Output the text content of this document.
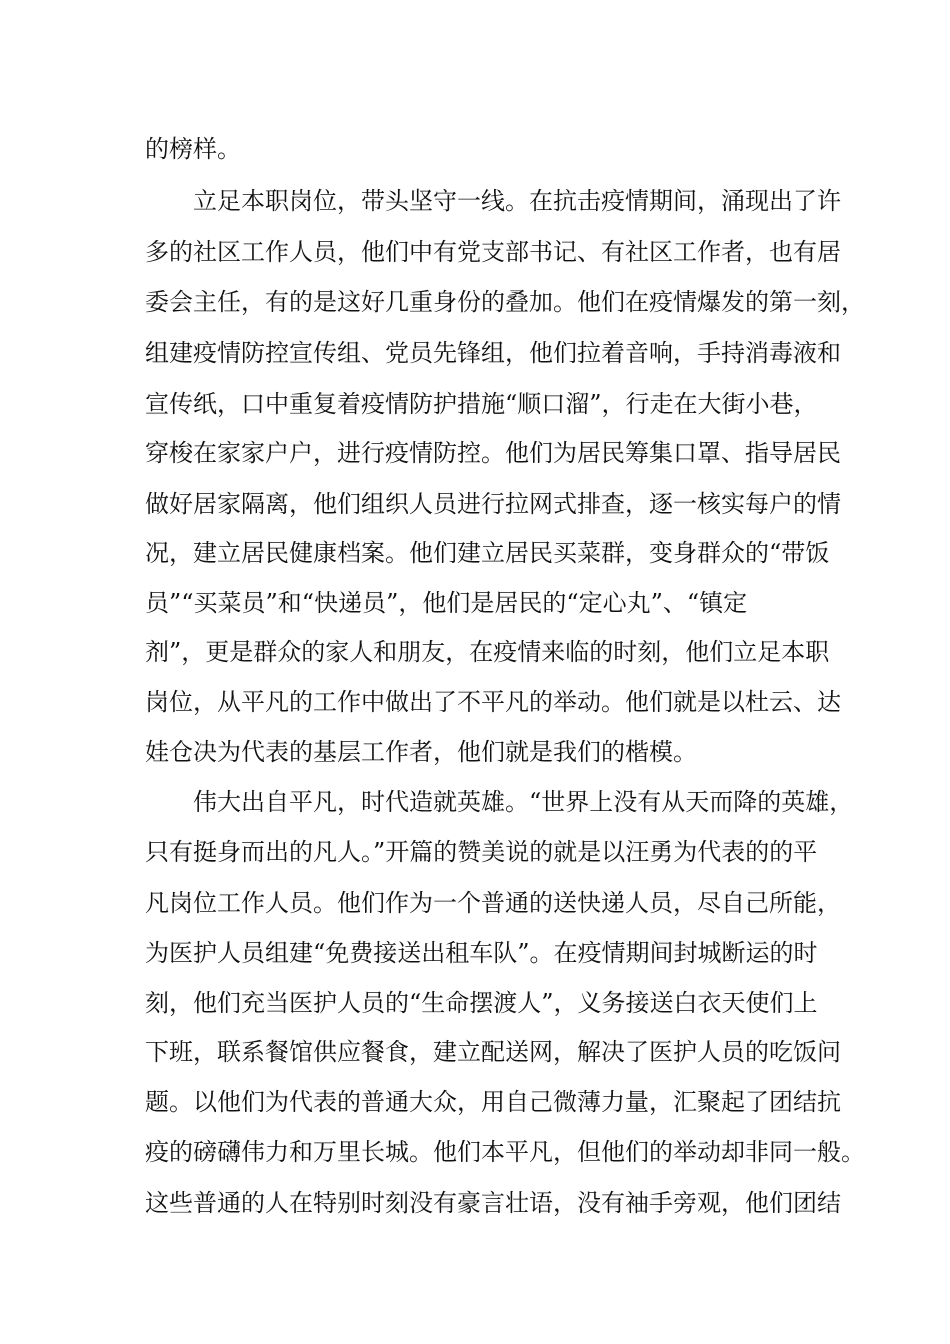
的榜样。
立足本职岗位，带头坚守一线。在抗击疫情期间，涌现出了许
多的社区工作人员，他们中有党支部书记、有社区工作者，也有居
委会主任，有的是这好几重身份的叠加。他们在疫情爆发的第一刻，
组建疫情防控宣传组、党员先锋组，他们拉着音响，手持消毒液和
宣传纸，口中重复着疫情防护措施“顺口溜”，行走在大街小巷，
穿梭在家家户户，进行疫情防控。他们为居民筹集口罩、指导居民
做好居家隔离，他们组织人员进行拉网式排查，逐一核实每户的情
况，建立居民健康档案。他们建立居民买菜群，变身群众的“带饭
员”“买菜员”和“快递员”，他们是居民的“定心丸”、“镇定
剂”，更是群众的家人和朋友，在疫情来临的时刻，他们立足本职
岗位，从平凡的工作中做出了不平凡的举动。他们就是以杜云、达
娃仓决为代表的基层工作者，他们就是我们的楷模。
伟大出自平凡，时代造就英雄。“世界上没有从天而降的英雄，
只有挺身而出的凡人。”开篇的赞美说的就是以汪勇为代表的的平
凡岗位工作人员。他们作为一个普通的送快递人员，尽自己所能，
为医护人员组建“免费接送出租车队”。在疫情期间封城断运的时
刻，他们充当医护人员的“生命摆渡人”，义务接送白衣天使们上
下班，联系餐馆供应餐食，建立配送网，解决了医护人员的吃饭问
题。以他们为代表的普通大众，用自己微薄力量，汇聚起了团结抗
疫的磅礴伟力和万里长城。他们本平凡，但他们的举动却非同一般。
这些普通的人在特别时刻没有豪言壮语，没有袖手旁观，他们团结
